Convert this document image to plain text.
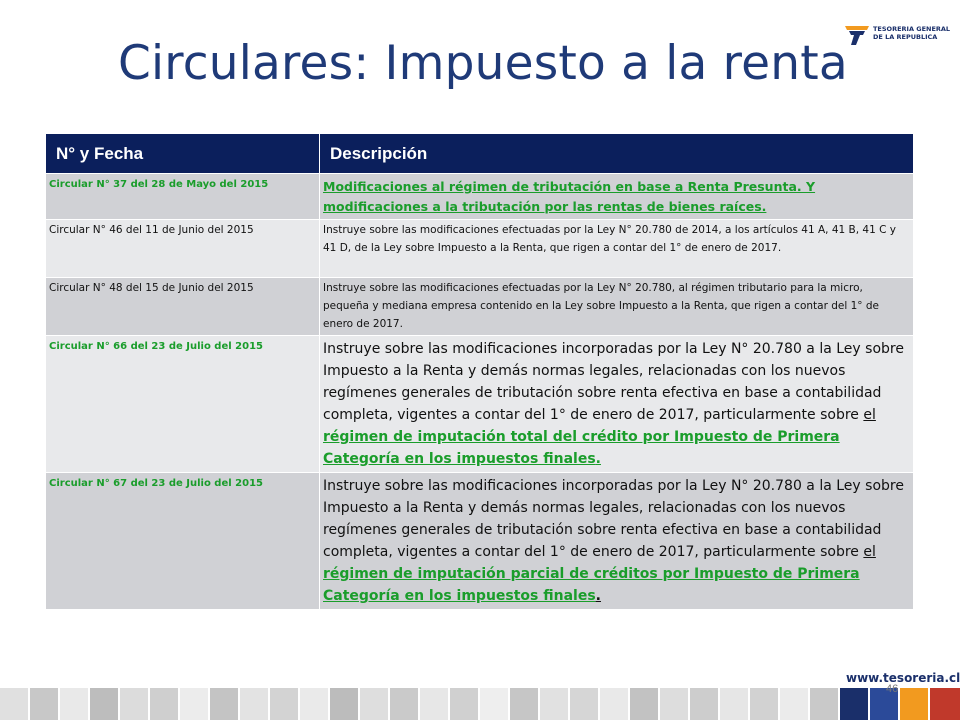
Circulares: Impuesto a la renta
TESORERIA GENERAL
DE LA REPUBLICA
N° y Fecha	Descripción
Circular N° 37 del 28 de Mayo del 2015	Modificaciones al régimen de tributación en base a Renta Presunta. Y modificaciones a la tributación por las rentas de bienes raíces.
Circular N° 46 del 11 de Junio del 2015	Instruye sobre las modificaciones efectuadas por la Ley N° 20.780 de 2014, a los artículos 41 A, 41 B, 41 C y 41 D, de la Ley sobre Impuesto a la Renta, que rigen a contar del 1° de enero de 2017.
Circular N° 48 del 15 de Junio del 2015	Instruye sobre las modificaciones efectuadas por la Ley N° 20.780, al régimen tributario para la micro, pequeña y mediana empresa contenido en la Ley sobre Impuesto a la Renta, que rigen a contar del 1° de enero de 2017.
Circular N° 66 del 23 de Julio del 2015	Instruye sobre las modificaciones incorporadas por la Ley N° 20.780 a la Ley sobre Impuesto a la Renta y demás normas legales, relacionadas con los nuevos regímenes generales de tributación sobre renta efectiva en base a contabilidad completa, vigentes a contar del 1° de enero de 2017, particularmente sobre el régimen de imputación total del crédito por Impuesto de Primera Categoría en los impuestos finales.
Circular N° 67 del 23 de Julio del 2015	Instruye sobre las modificaciones incorporadas por la Ley N° 20.780 a la Ley sobre Impuesto a la Renta y demás normas legales, relacionadas con los nuevos regímenes generales de tributación sobre renta efectiva en base a contabilidad completa, vigentes a contar del 1° de enero de 2017, particularmente sobre el régimen de imputación parcial de créditos por Impuesto de Primera Categoría en los impuestos finales.
www.tesoreria.cl
46
